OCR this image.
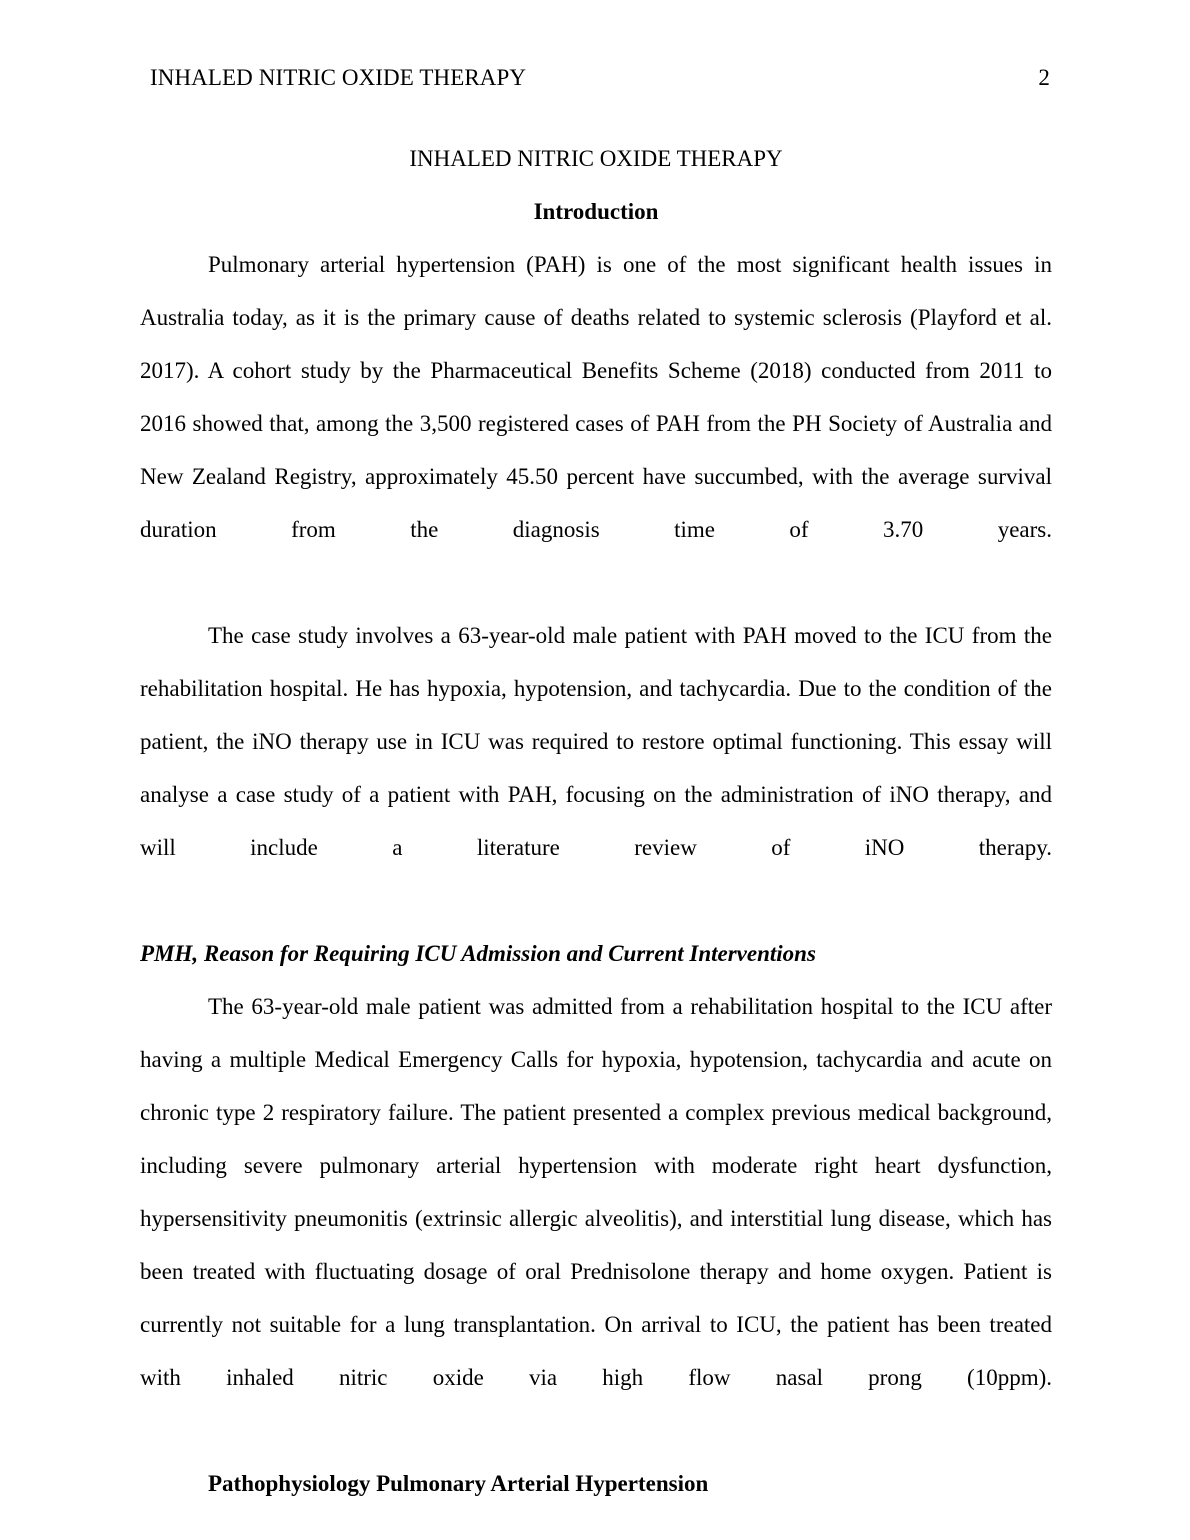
INHALED NITRIC OXIDE THERAPY	2
INHALED NITRIC OXIDE THERAPY
Introduction

Pulmonary arterial hypertension (PAH) is one of the most significant health issues in Australia today, as it is the primary cause of deaths related to systemic sclerosis (Playford et al. 2017). A cohort study by the Pharmaceutical Benefits Scheme (2018) conducted from 2011 to 2016 showed that, among the 3,500 registered cases of PAH from the PH Society of Australia and New Zealand Registry, approximately 45.50 percent have succumbed, with the average survival duration from the diagnosis time of 3.70 years.

The case study involves a 63-year-old male patient with PAH moved to the ICU from the rehabilitation hospital. He has hypoxia, hypotension, and tachycardia. Due to the condition of the patient, the iNO therapy use in ICU was required to restore optimal functioning. This essay will analyse a case study of a patient with PAH, focusing on the administration of iNO therapy, and will include a literature review of iNO therapy.

PMH, Reason for Requiring ICU Admission and Current Interventions

The 63-year-old male patient was admitted from a rehabilitation hospital to the ICU after having a multiple Medical Emergency Calls for hypoxia, hypotension, tachycardia and acute on chronic type 2 respiratory failure. The patient presented a complex previous medical background, including severe pulmonary arterial hypertension with moderate right heart dysfunction, hypersensitivity pneumonitis (extrinsic allergic alveolitis), and interstitial lung disease, which has been treated with fluctuating dosage of oral Prednisolone therapy and home oxygen. Patient is currently not suitable for a lung transplantation. On arrival to ICU, the patient has been treated with inhaled nitric oxide via high flow nasal prong (10ppm).

Pathophysiology Pulmonary Arterial Hypertension
